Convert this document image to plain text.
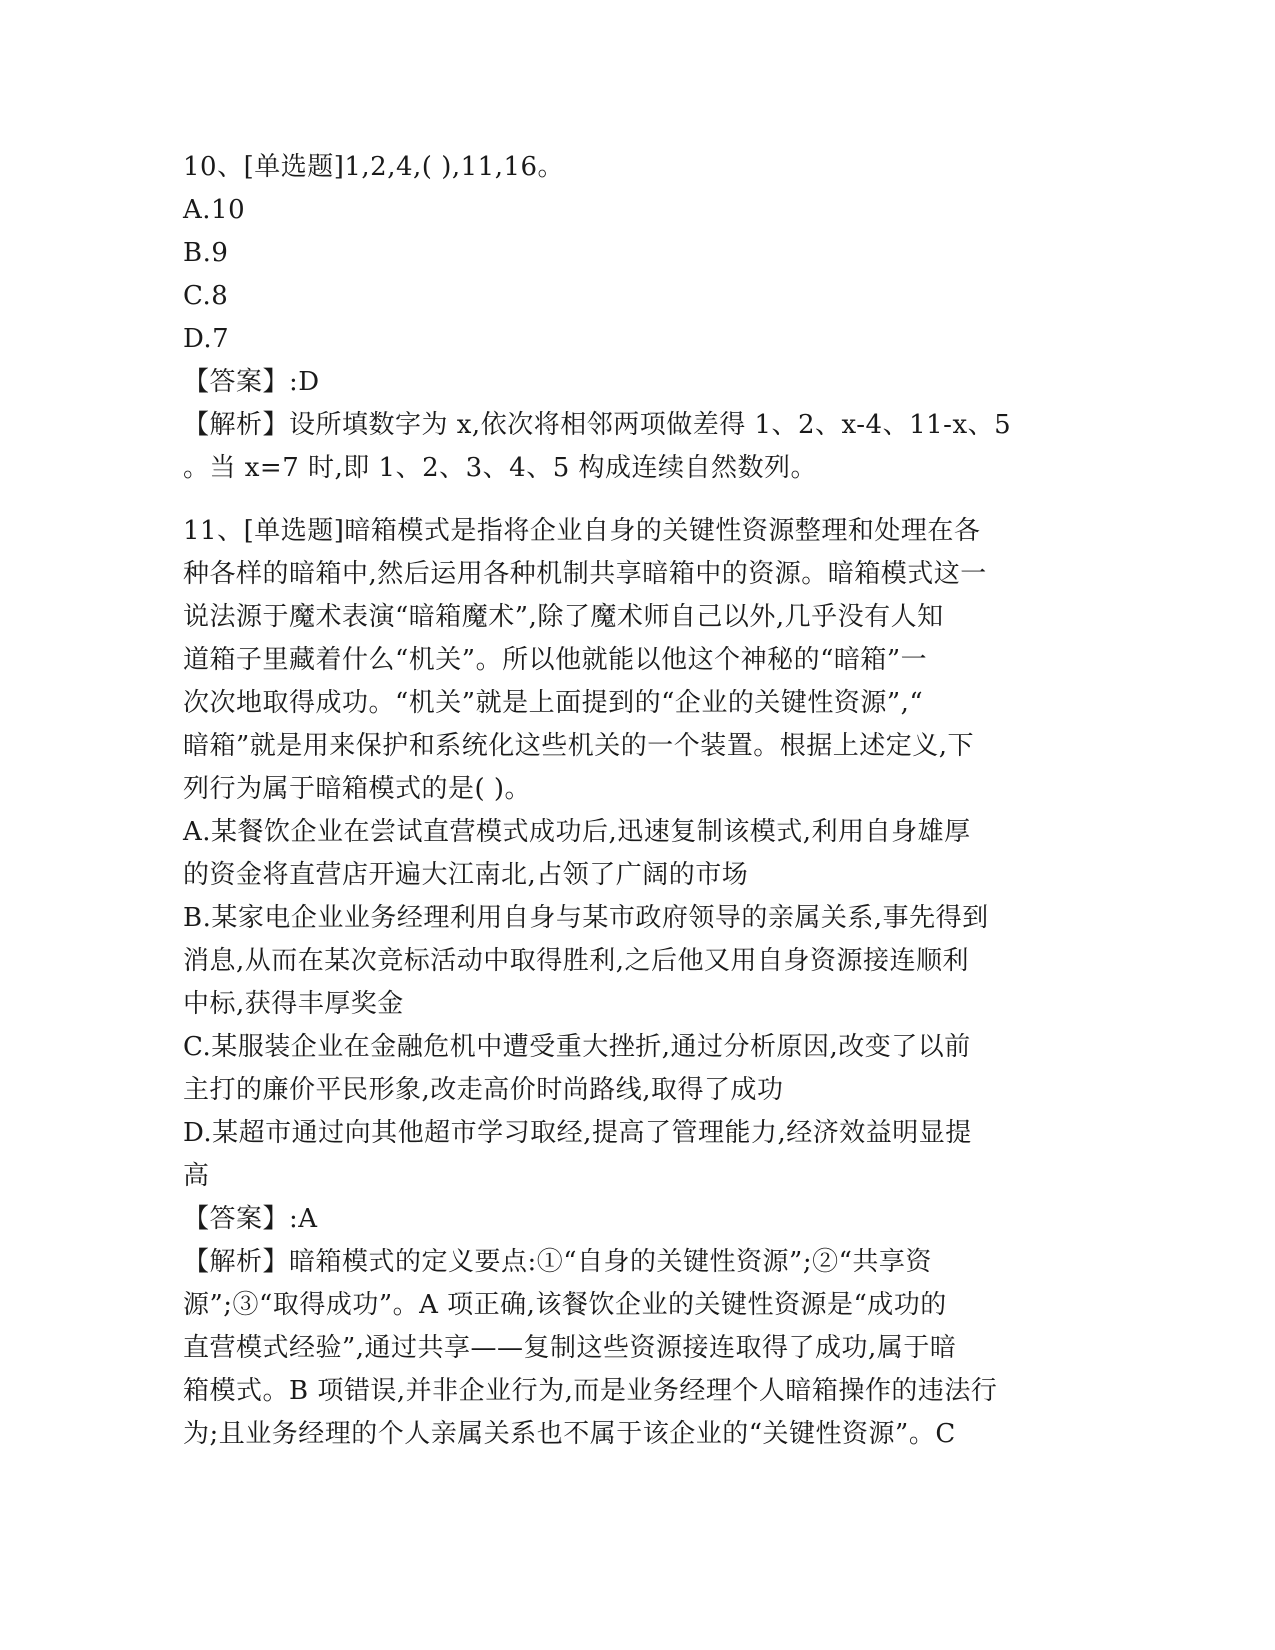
10、[单选题]1,2,4,( ),11,16。
A.10
B.9
C.8
D.7
【答案】:D
【解析】设所填数字为 x,依次将相邻两项做差得 1、2、x-4、11-x、5
。当 x=7 时,即 1、2、3、4、5 构成连续自然数列。
11、[单选题]暗箱模式是指将企业自身的关键性资源整理和处理在各
种各样的暗箱中,然后运用各种机制共享暗箱中的资源。暗箱模式这一
说法源于魔术表演“暗箱魔术”,除了魔术师自己以外,几乎没有人知
道箱子里藏着什么“机关”。所以他就能以他这个神秘的“暗箱”一
次次地取得成功。“机关”就是上面提到的“企业的关键性资源”,“
暗箱”就是用来保护和系统化这些机关的一个装置。根据上述定义,下
列行为属于暗箱模式的是( )。
A.某餐饮企业在尝试直营模式成功后,迅速复制该模式,利用自身雄厚
的资金将直营店开遍大江南北,占领了广阔的市场
B.某家电企业业务经理利用自身与某市政府领导的亲属关系,事先得到
消息,从而在某次竞标活动中取得胜利,之后他又用自身资源接连顺利
中标,获得丰厚奖金
C.某服装企业在金融危机中遭受重大挫折,通过分析原因,改变了以前
主打的廉价平民形象,改走高价时尚路线,取得了成功
D.某超市通过向其他超市学习取经,提高了管理能力,经济效益明显提
高
【答案】:A
【解析】暗箱模式的定义要点:①“自身的关键性资源”;②“共享资
源”;③“取得成功”。A 项正确,该餐饮企业的关键性资源是“成功的
直营模式经验”,通过共享——复制这些资源接连取得了成功,属于暗
箱模式。B 项错误,并非企业行为,而是业务经理个人暗箱操作的违法行
为;且业务经理的个人亲属关系也不属于该企业的“关键性资源”。C
